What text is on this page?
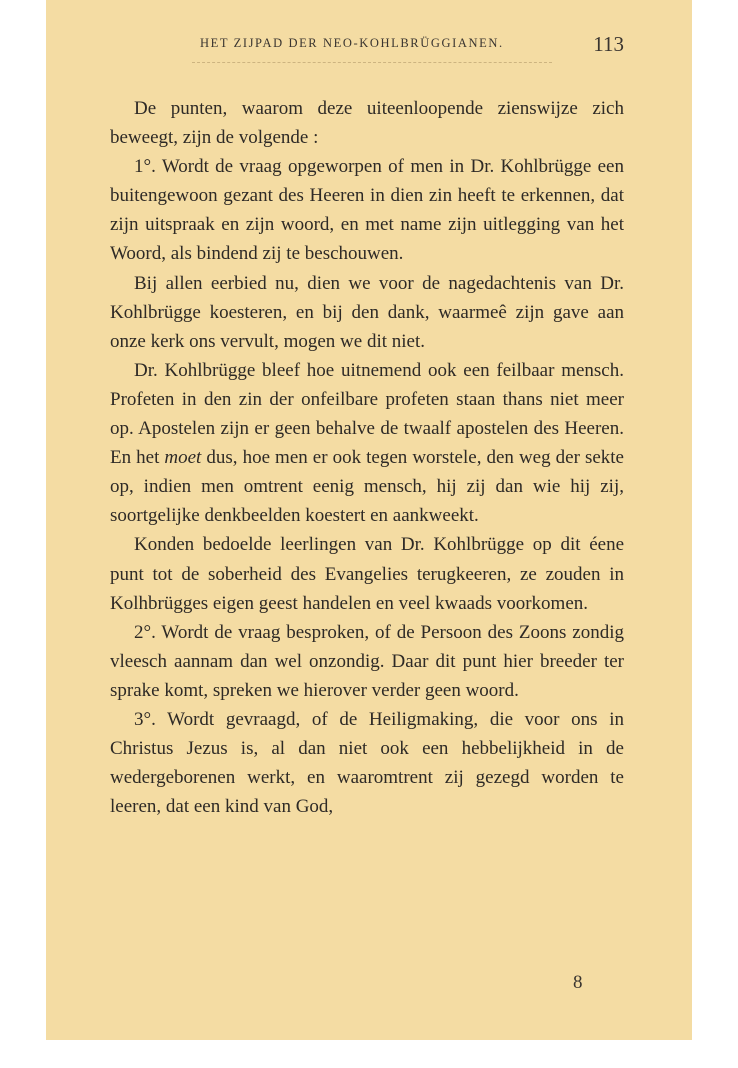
HET ZIJPAD DER NEO-KOHLBRÜGGIANEN.	113

De punten, waarom deze uiteenloopende zienswijze zich beweegt, zijn de volgende :

1°. Wordt de vraag opgeworpen of men in Dr. Kohlbrügge een buitengewoon gezant des Heeren in dien zin heeft te erkennen, dat zijn uitspraak en zijn woord, en met name zijn uitlegging van het Woord, als bindend zij te beschouwen.

Bij allen eerbied nu, dien we voor de nagedachtenis van Dr. Kohlbrügge koesteren, en bij den dank, waarmeê zijn gave aan onze kerk ons vervult, mogen we dit niet.

Dr. Kohlbrügge bleef hoe uitnemend ook een feilbaar mensch. Profeten in den zin der onfeilbare profeten staan thans niet meer op. Apostelen zijn er geen behalve de twaalf apostelen des Heeren. En het moet dus, hoe men er ook tegen worstele, den weg der sekte op, indien men omtrent eenig mensch, hij zij dan wie hij zij, soortgelijke denkbeelden koestert en aankweekt.

Konden bedoelde leerlingen van Dr. Kohlbrügge op dit éene punt tot de soberheid des Evangelies terugkeeren, ze zouden in Kolhbrügges eigen geest handelen en veel kwaads voorkomen.

2°. Wordt de vraag besproken, of de Persoon des Zoons zondig vleesch aannam dan wel onzondig. Daar dit punt hier breeder ter sprake komt, spreken we hierover verder geen woord.

3°. Wordt gevraagd, of de Heiligmaking, die voor ons in Christus Jezus is, al dan niet ook een hebbelijkheid in de wedergeborenen werkt, en waaromtrent zij gezegd worden te leeren, dat een kind van God,

8
